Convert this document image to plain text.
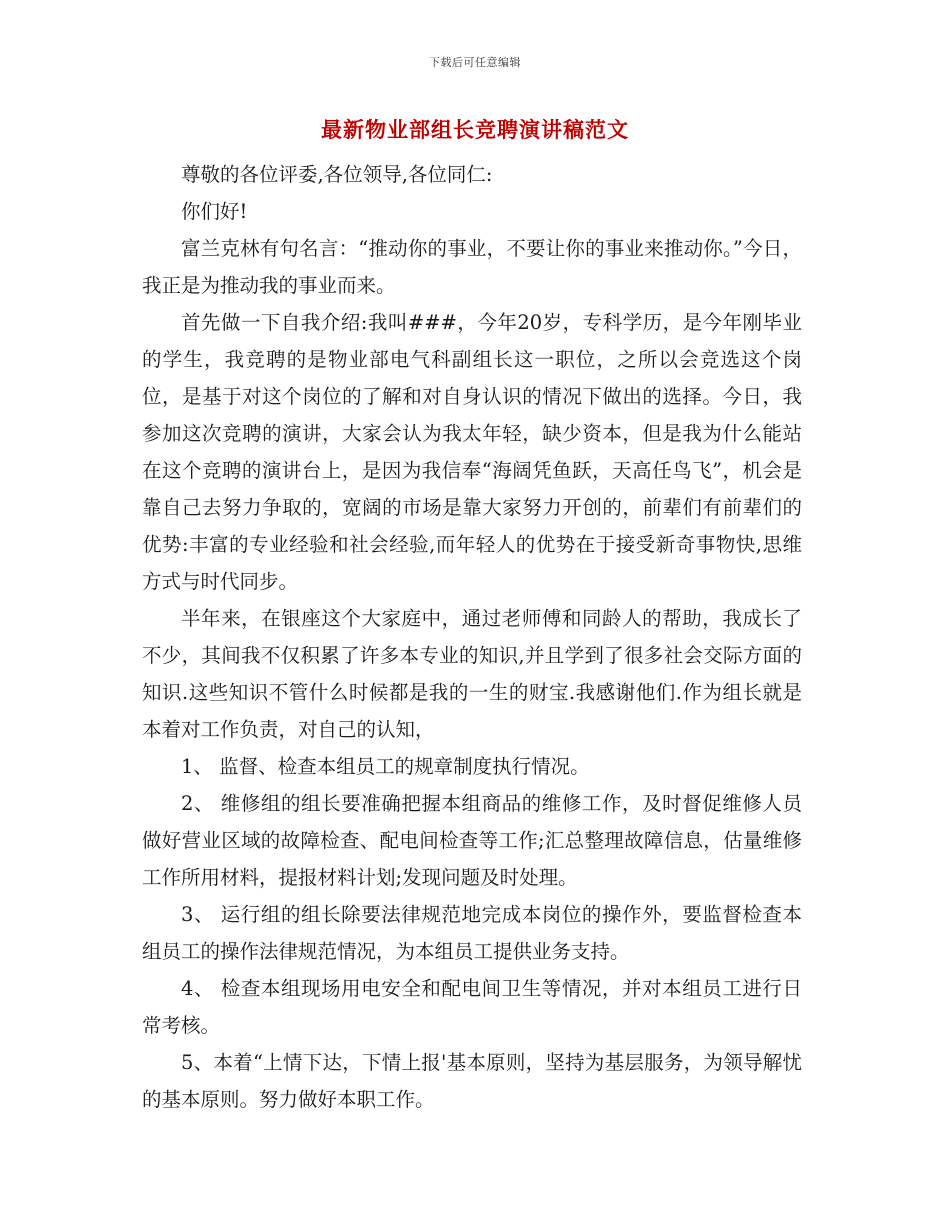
下载后可任意编辑
最新物业部组长竞聘演讲稿范文

尊敬的各位评委,各位领导,各位同仁:

你们好!

富兰克林有句名言：“推动你的事业，不要让你的事业来推动你。”今日，我正是为推动我的事业而来。

首先做一下自我介绍:我叫###，今年20岁，专科学历，是今年刚毕业的学生，我竞聘的是物业部电气科副组长这一职位，之所以会竞选这个岗位，是基于对这个岗位的了解和对自身认识的情况下做出的选择。今日，我参加这次竞聘的演讲，大家会认为我太年轻，缺少资本，但是我为什么能站在这个竞聘的演讲台上，是因为我信奉“海阔凭鱼跃，天高任鸟飞”，机会是靠自己去努力争取的，宽阔的市场是靠大家努力开创的，前辈们有前辈们的优势:丰富的专业经验和社会经验,而年轻人的优势在于接受新奇事物快,思维方式与时代同步。

半年来，在银座这个大家庭中，通过老师傅和同龄人的帮助，我成长了不少，其间我不仅积累了许多本专业的知识,并且学到了很多社会交际方面的知识.这些知识不管什么时候都是我的一生的财宝.我感谢他们.作为组长就是本着对工作负责，对自己的认知，

1、 监督、检查本组员工的规章制度执行情况。

2、 维修组的组长要准确把握本组商品的维修工作，及时督促维修人员做好营业区域的故障检查、配电间检查等工作;汇总整理故障信息，估量维修工作所用材料，提报材料计划;发现问题及时处理。

3、 运行组的组长除要法律规范地完成本岗位的操作外，要监督检查本组员工的操作法律规范情况，为本组员工提供业务支持。

4、 检查本组现场用电安全和配电间卫生等情况，并对本组员工进行日常考核。

5、本着“上情下达，下情上报'基本原则，坚持为基层服务，为领导解忧的基本原则。努力做好本职工作。
